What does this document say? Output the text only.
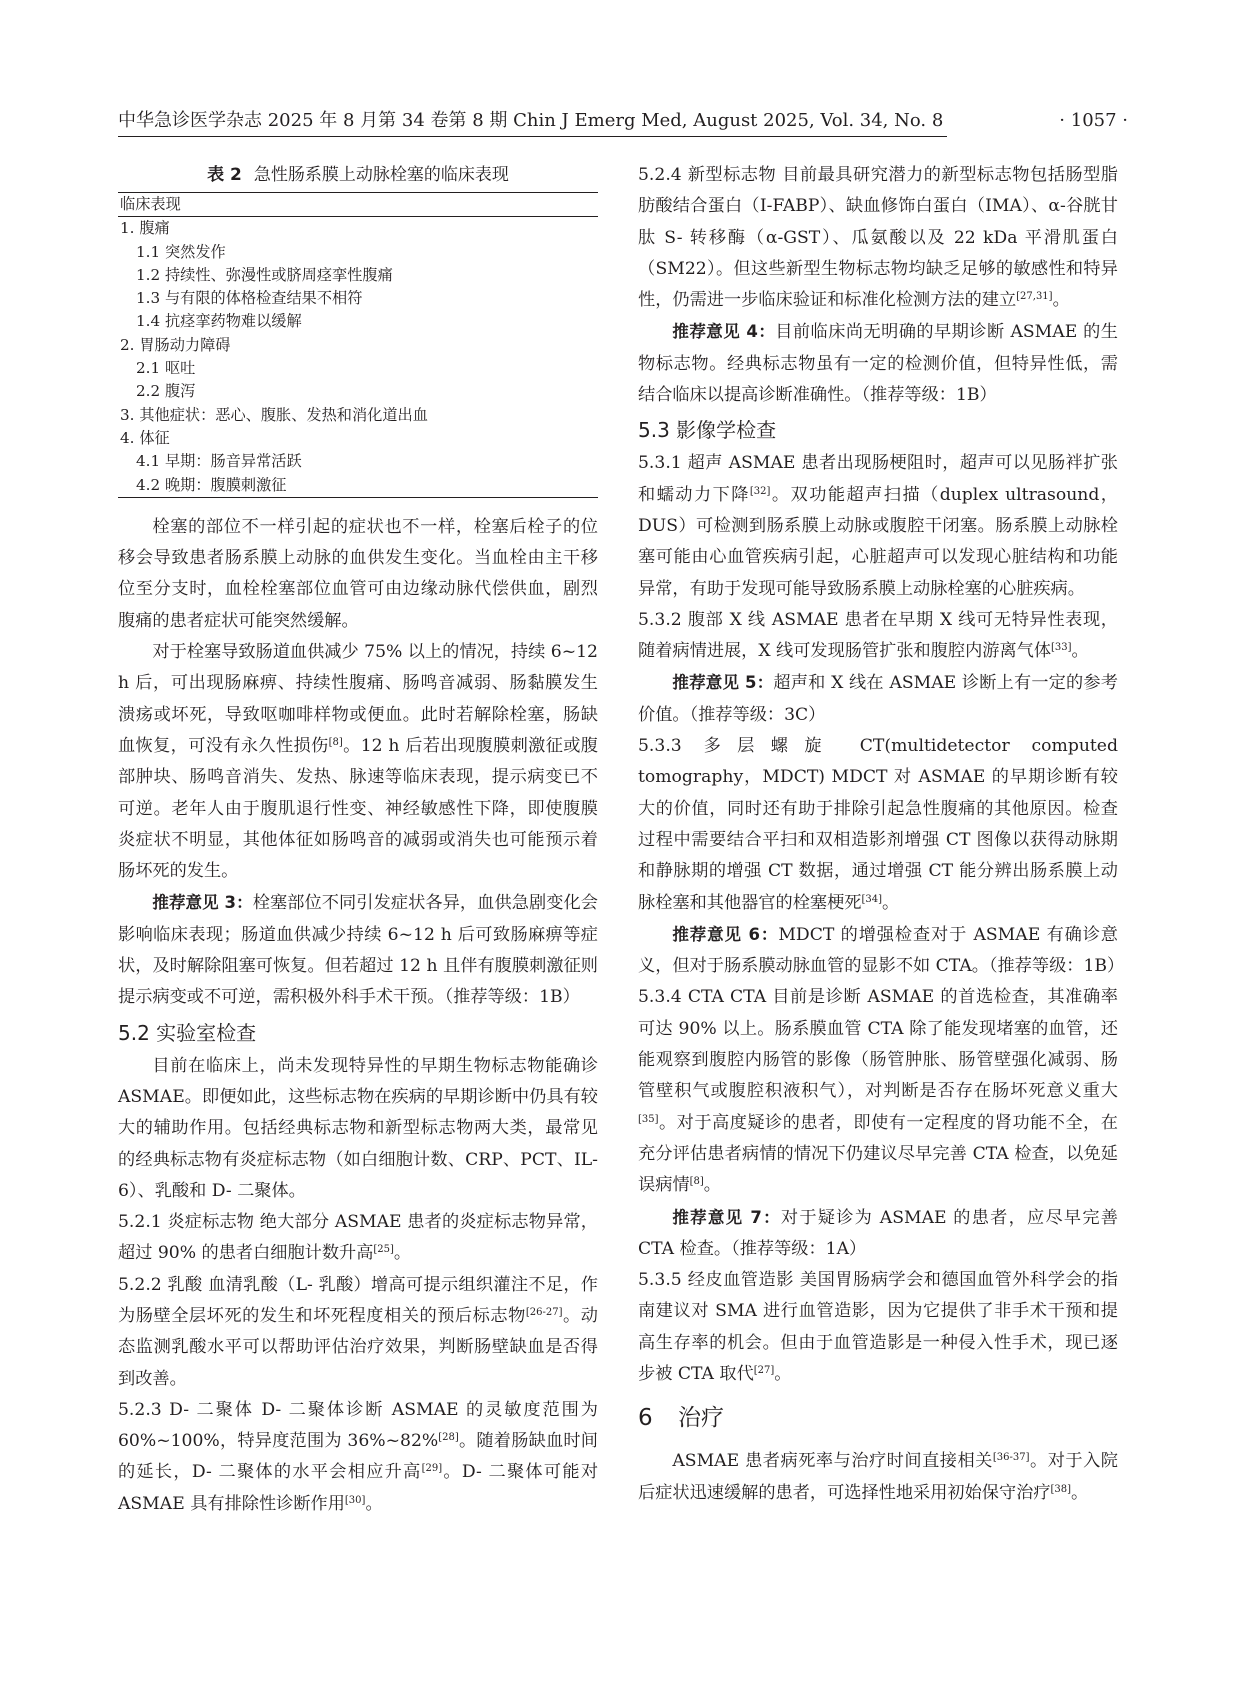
中华急诊医学杂志 2025 年 8 月第 34 卷第 8 期 Chin J Emerg Med, August 2025, Vol. 34, No. 8	· 1057 ·
表 2 急性肠系膜上动脉栓塞的临床表现
临床表现
1. 腹痛
1.1 突然发作
1.2 持续性、弥漫性或脐周痉挛性腹痛
1.3 与有限的体格检查结果不相符
1.4 抗痉挛药物难以缓解
2. 胃肠动力障碍
2.1 呕吐
2.2 腹泻
3. 其他症状：恶心、腹胀、发热和消化道出血
4. 体征
4.1 早期：肠音异常活跃
4.2 晚期：腹膜刺激征

栓塞的部位不一样引起的症状也不一样，栓塞后栓子的位移会导致患者肠系膜上动脉的血供发生变化。当血栓由主干移位至分支时，血栓栓塞部位血管可由边缘动脉代偿供血，剧烈腹痛的患者症状可能突然缓解。

对于栓塞导致肠道血供减少 75% 以上的情况，持续 6~12 h 后，可出现肠麻痹、持续性腹痛、肠鸣音减弱、肠黏膜发生溃疡或坏死，导致呕咖啡样物或便血。此时若解除栓塞，肠缺血恢复，可没有永久性损伤[8]。12 h 后若出现腹膜刺激征或腹部肿块、肠鸣音消失、发热、脉速等临床表现，提示病变已不可逆。老年人由于腹肌退行性变、神经敏感性下降，即使腹膜炎症状不明显，其他体征如肠鸣音的减弱或消失也可能预示着肠坏死的发生。

推荐意见 3：栓塞部位不同引发症状各异，血供急剧变化会影响临床表现；肠道血供减少持续 6~12 h 后可致肠麻痹等症状，及时解除阻塞可恢复。但若超过 12 h 且伴有腹膜刺激征则提示病变或不可逆，需积极外科手术干预。（推荐等级：1B）

5.2 实验室检查

目前在临床上，尚未发现特异性的早期生物标志物能确诊 ASMAE。即便如此，这些标志物在疾病的早期诊断中仍具有较大的辅助作用。包括经典标志物和新型标志物两大类，最常见的经典标志物有炎症标志物（如白细胞计数、CRP、PCT、IL-6）、乳酸和 D- 二聚体。

5.2.1 炎症标志物 绝大部分 ASMAE 患者的炎症标志物异常，超过 90% 的患者白细胞计数升高[25]。

5.2.2 乳酸 血清乳酸（L- 乳酸）增高可提示组织灌注不足，作为肠壁全层坏死的发生和坏死程度相关的预后标志物[26-27]。动态监测乳酸水平可以帮助评估治疗效果，判断肠壁缺血是否得到改善。

5.2.3 D- 二聚体 D- 二聚体诊断 ASMAE 的灵敏度范围为 60%~100%，特异度范围为 36%~82%[28]。随着肠缺血时间的延长，D- 二聚体的水平会相应升高[29]。D- 二聚体可能对 ASMAE 具有排除性诊断作用[30]。

5.2.4 新型标志物 目前最具研究潜力的新型标志物包括肠型脂肪酸结合蛋白（I-FABP）、缺血修饰白蛋白（IMA）、α-谷胱甘肽 S- 转移酶（α-GST）、瓜氨酸以及 22 kDa 平滑肌蛋白（SM22）。但这些新型生物标志物均缺乏足够的敏感性和特异性，仍需进一步临床验证和标准化检测方法的建立[27,31]。

推荐意见 4：目前临床尚无明确的早期诊断 ASMAE 的生物标志物。经典标志物虽有一定的检测价值，但特异性低，需结合临床以提高诊断准确性。（推荐等级：1B）

5.3 影像学检查

5.3.1 超声 ASMAE 患者出现肠梗阻时，超声可以见肠袢扩张和蠕动力下降[32]。双功能超声扫描（duplex ultrasound，DUS）可检测到肠系膜上动脉或腹腔干闭塞。肠系膜上动脉栓塞可能由心血管疾病引起，心脏超声可以发现心脏结构和功能异常，有助于发现可能导致肠系膜上动脉栓塞的心脏疾病。

5.3.2 腹部 X 线 ASMAE 患者在早期 X 线可无特异性表现，随着病情进展，X 线可发现肠管扩张和腹腔内游离气体[33]。

推荐意见 5：超声和 X 线在 ASMAE 诊断上有一定的参考价值。（推荐等级：3C）

5.3.3 多层螺旋 CT(multidetector computed tomography，MDCT) MDCT 对 ASMAE 的早期诊断有较大的价值，同时还有助于排除引起急性腹痛的其他原因。检查过程中需要结合平扫和双相造影剂增强 CT 图像以获得动脉期和静脉期的增强 CT 数据，通过增强 CT 能分辨出肠系膜上动脉栓塞和其他器官的栓塞梗死[34]。

推荐意见 6：MDCT 的增强检查对于 ASMAE 有确诊意义，但对于肠系膜动脉血管的显影不如 CTA。（推荐等级：1B）

5.3.4 CTA CTA 目前是诊断 ASMAE 的首选检查，其准确率可达 90% 以上。肠系膜血管 CTA 除了能发现堵塞的血管，还能观察到腹腔内肠管的影像（肠管肿胀、肠管壁强化减弱、肠管壁积气或腹腔积液积气），对判断是否存在肠坏死意义重大[35]。对于高度疑诊的患者，即使有一定程度的肾功能不全，在充分评估患者病情的情况下仍建议尽早完善 CTA 检查，以免延误病情[8]。

推荐意见 7：对于疑诊为 ASMAE 的患者，应尽早完善 CTA 检查。（推荐等级：1A）

5.3.5 经皮血管造影 美国胃肠病学会和德国血管外科学会的指南建议对 SMA 进行血管造影，因为它提供了非手术干预和提高生存率的机会。但由于血管造影是一种侵入性手术，现已逐步被 CTA 取代[27]。

6 治疗

ASMAE 患者病死率与治疗时间直接相关[36-37]。对于入院后症状迅速缓解的患者，可选择性地采用初始保守治疗[38]。
